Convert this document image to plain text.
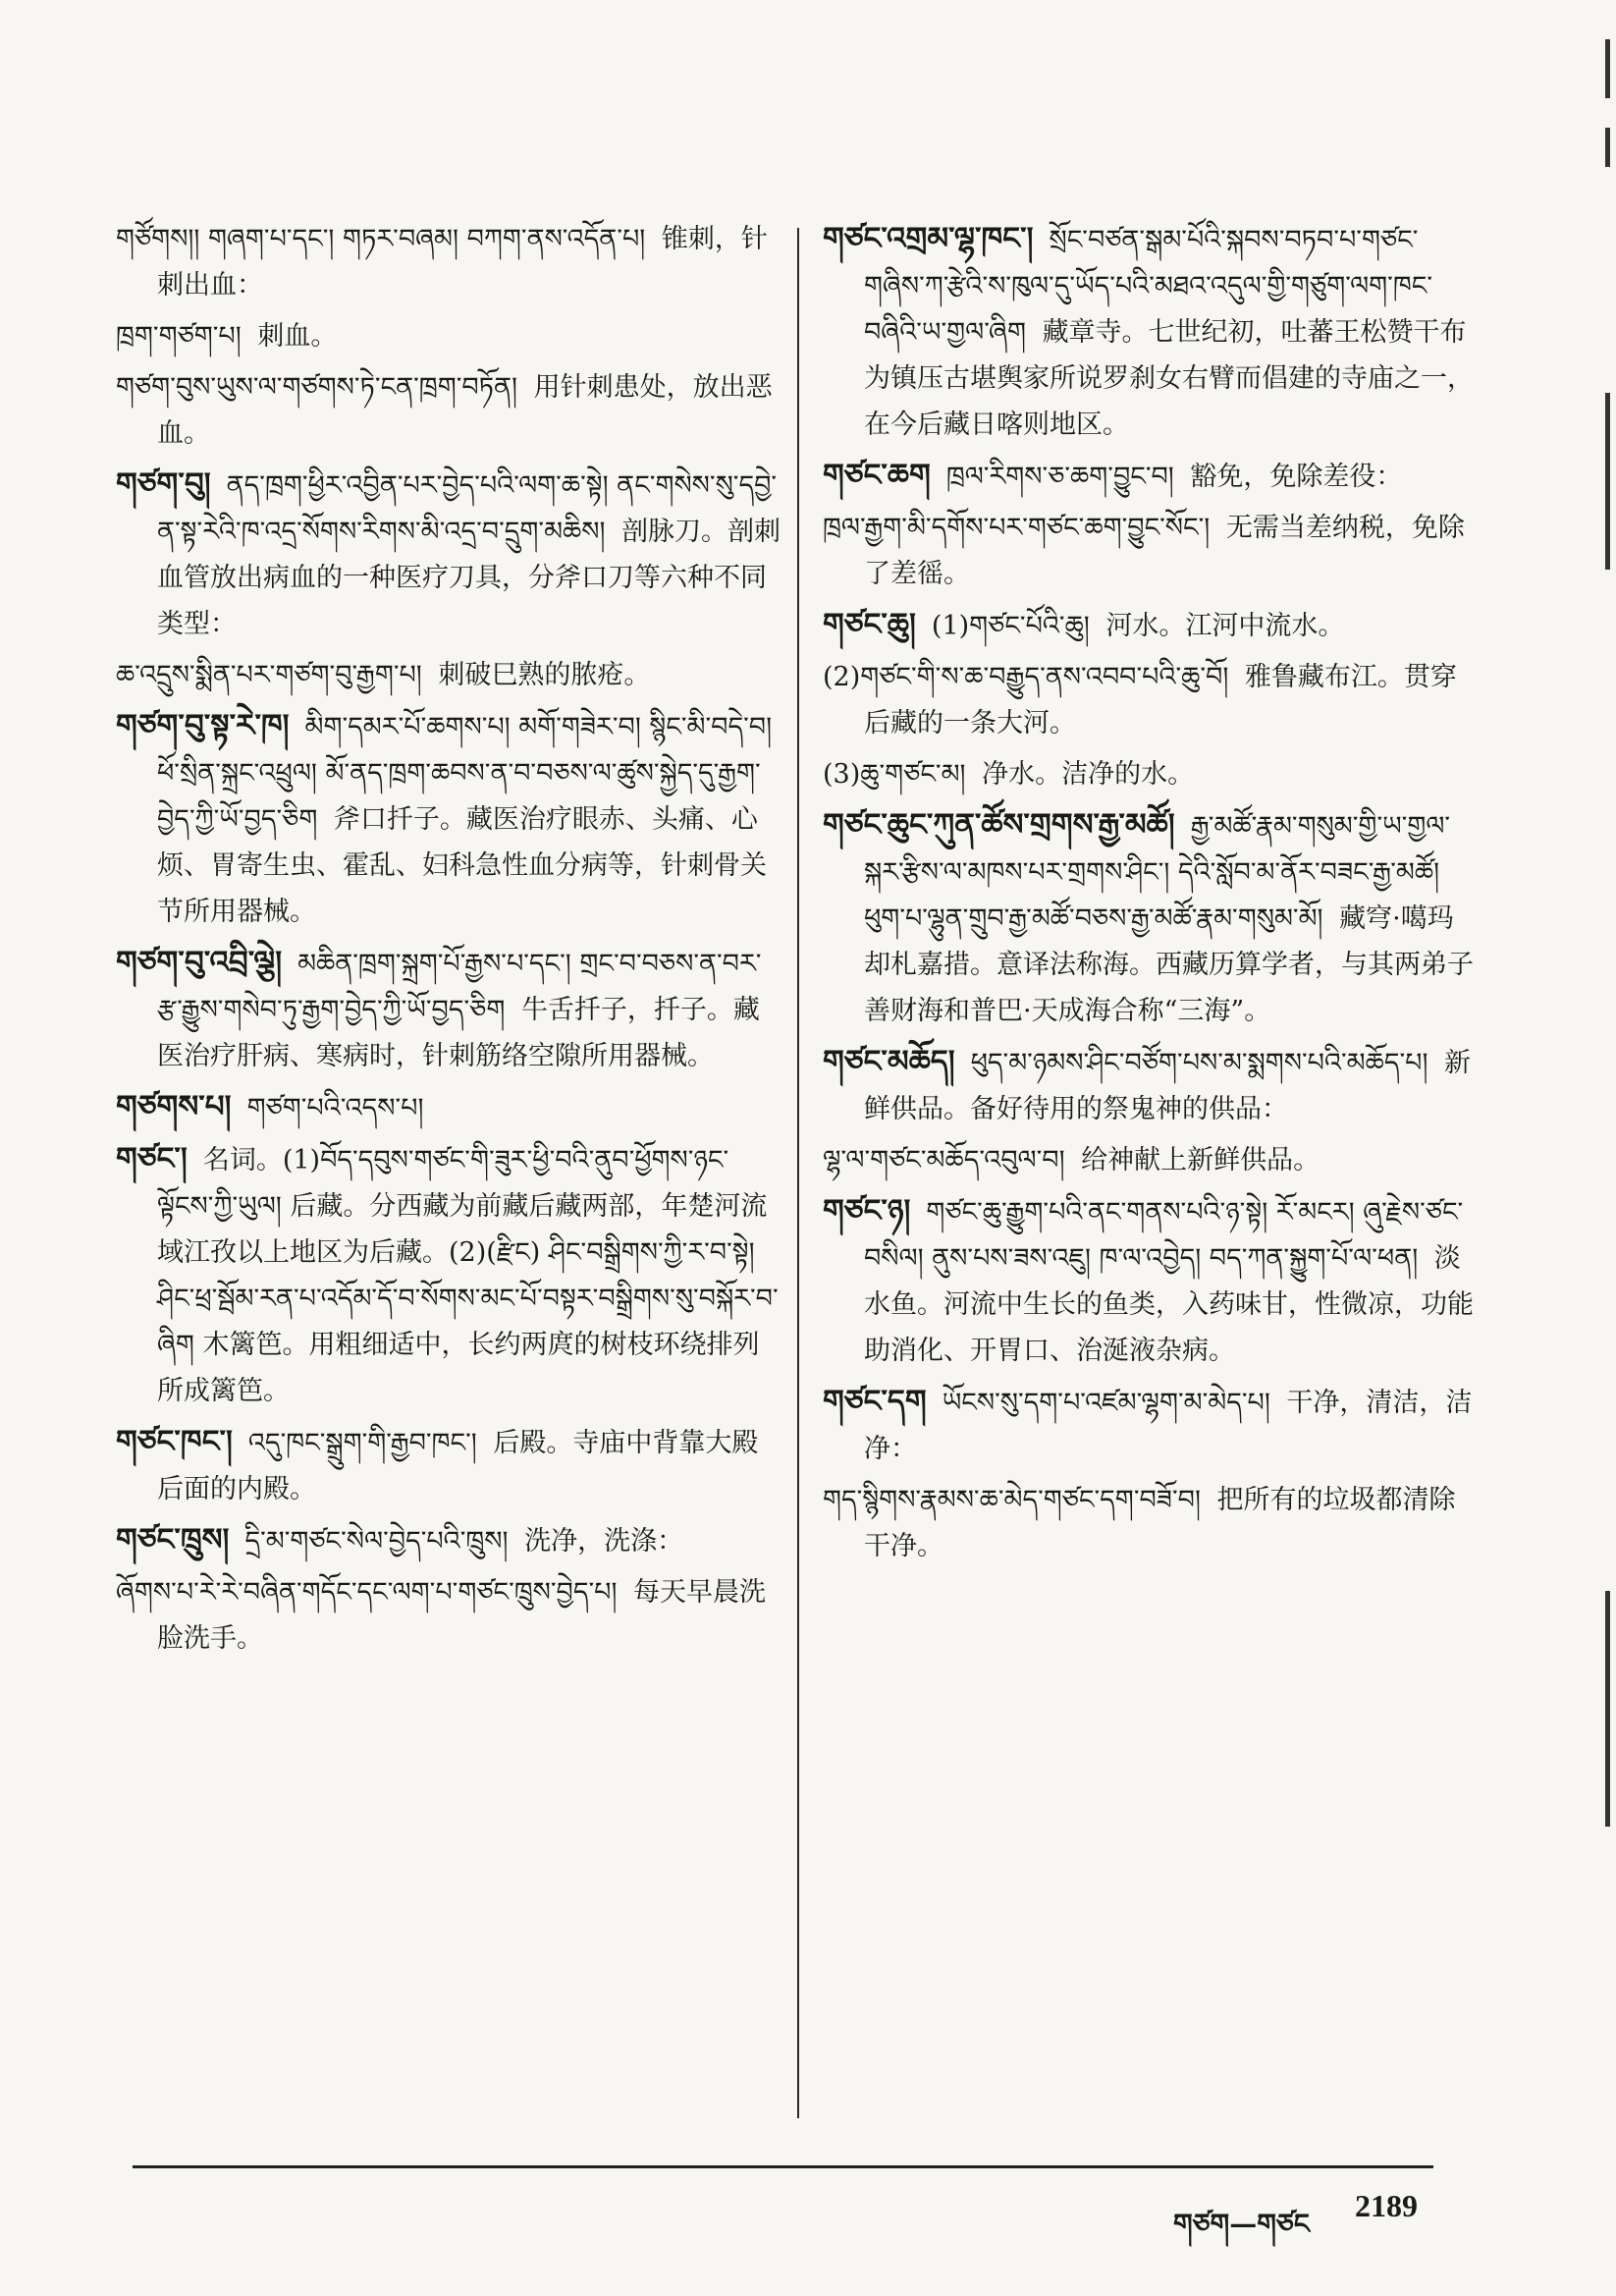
གཙོགས།། གཞག་པ་དང་། གཏར་བཞམ། བཀག་ནས་འདོན་པ། 锥刺，针刺出血：

ཁྲག་གཙག་པ། 刺血。

གཙག་བུས་ཡུས་ལ་གཙགས་ཏེ་ངན་ཁྲག་བཏོན། 用针刺患处，放出恶血。

གཙག་བུ། ནད་ཁྲག་ཕྱིར་འབྱིན་པར་བྱེད་པའི་ལག་ཆ་སྟེ། ནང་གསེས་སུ་དབྱེ་ན་སྟ་རེའི་ཁ་འདྲ་སོགས་རིགས་མི་འདྲ་བ་དྲུག་མཆིས། 剖脉刀。剖刺血管放出病血的一种医疗刀具，分斧口刀等六种不同类型：

ཆ་འདྲུས་སྨིན་པར་གཙག་བུ་རྒྱག་པ། 刺破巳熟的脓疮。

གཙག་བུ་སྟ་རེ་ཁ། མིག་དམར་པོ་ཆགས་པ། མགོ་གཟེར་བ། སྙིང་མི་བདེ་བ། ཕོ་སྲིན་སྐྲང་འཕྲུལ། མོ་ནད་ཁྲག་ཆབས་ན་བ་བཅས་ལ་ཚུས་སྐྱེད་དུ་རྒྱག་བྱེད་ཀྱི་ཡོ་བྱད་ཅིག 斧口扦子。藏医治疗眼赤、头痛、心烦、胃寄生虫、霍乱、妇科急性血分病等，针刺骨关节所用器械。

གཙག་བུ་འབྲི་ལྕེ། མཆིན་ཁྲག་སྐྲག་པོ་རྒྱས་པ་དང་། གྲང་བ་བཅས་ན་བར་རྩ་རྒྱུས་གསེབ་ཏུ་རྒྱག་བྱེད་ཀྱི་ཡོ་བྱད་ཅིག 牛舌扦子，扦子。藏医治疗肝病、寒病时，针刺筋络空隙所用器械。

གཙགས་པ། གཙག་པའི་འདས་པ།

གཙང་། 名词。(1)བོད་དབུས་གཙང་གི་ཟུར་ཕྱི་བའི་ནུབ་ཕྱོགས་ཉང་ལྟོངས་ཀྱི་ཡུལ། 后藏。分西藏为前藏后藏两部，年楚河流域江孜以上地区为后藏。(2)(རྫིང) ཤིང་བསྒྲིགས་ཀྱི་ར་བ་སྟེ། ཤིང་ཕྲ་སྦོམ་རན་པ་འདོམ་དོ་བ་སོགས་མང་པོ་བསྟར་བསྒྲིགས་སུ་བསྐོར་བ་ཞིག 木篱笆。用粗细适中，长约两庹的树枝环绕排列所成篱笆。

གཙང་ཁང་། འདུ་ཁང་སྒྲུག་གི་རྒྱབ་ཁང་། 后殿。寺庙中背靠大殿后面的内殿。

གཙང་ཁྲུས། དྲི་མ་གཙང་སེལ་བྱེད་པའི་ཁྲུས། 洗净，洗涤：

ཞོགས་པ་རེ་རེ་བཞིན་གདོང་དང་ལག་པ་གཙང་ཁྲུས་བྱེད་པ། 每天早晨洗脸洗手。

གཙང་འགྲམ་ལྷ་ཁང་། སྲོང་བཙན་སྒམ་པོའི་སྐབས་བཏབ་པ་གཙང་གཞིས་ཀ་རྩེའི་ས་ཁུལ་དུ་ཡོད་པའི་མཐའ་འདུལ་གྱི་གཙུག་ལག་ཁང་བཞིའི་ཡ་གྱལ་ཞིག 藏章寺。七世纪初，吐蕃王松赞干布为镇压古堪舆家所说罗刹女右臂而倡建的寺庙之一，在今后藏日喀则地区。

གཙང་ཆག ཁྲལ་རིགས་ཅ་ཆག་བྱུང་བ། 豁免，免除差役：

ཁྲལ་རྒྱག་མི་དགོས་པར་གཙང་ཆག་བྱུང་སོང་། 无需当差纳税，免除了差徭。

གཙང་ཆུ། (1)གཙང་པོའི་ཆུ། 河水。江河中流水。

(2)གཙང་གི་ས་ཆ་བརྒྱུད་ནས་འབབ་པའི་ཆུ་བོ། 雅鲁藏布江。贯穿后藏的一条大河。

(3)ཆུ་གཙང་མ། 净水。洁净的水。

གཙང་ཆུང་ཀུན་ཚོས་གྲགས་རྒྱ་མཚོ། རྒྱ་མཚོ་རྣམ་གསུམ་གྱི་ཡ་གྱལ་སྐར་རྩིས་ལ་མཁས་པར་གྲགས་ཤིང་། དེའི་སློབ་མ་ནོར་བཟང་རྒྱ་མཚོ། ཕུག་པ་ལྷུན་གྲུབ་རྒྱ་མཚོ་བཅས་རྒྱ་མཚོ་རྣམ་གསུམ་མོ། 藏穹·噶玛却札嘉措。意译法称海。西藏历算学者，与其两弟子善财海和普巴·天成海合称“三海”。

གཙང་མཆོད། ཕུད་མ་ཉམས་ཤིང་བཙོག་པས་མ་སྨགས་པའི་མཆོད་པ། 新鲜供品。备好待用的祭鬼神的供品：

ལྷ་ལ་གཙང་མཆོད་འབུལ་བ། 给神献上新鲜供品。

གཙང་ཉ། གཙང་ཆུ་རྒྱུག་པའི་ནང་གནས་པའི་ཉ་སྟེ། རོ་མངར། ཞུ་རྗེས་ཙང་བསིལ། ནུས་པས་ཟས་འཇུ། ཁ་ལ་འབྱེད། བད་ཀན་སྐྱུག་པོ་ལ་ཕན། 淡水鱼。河流中生长的鱼类，入药味甘，性微凉，功能助消化、开胃口、治涎液杂病。

གཙང་དག ཡོངས་སུ་དག་པ་འཛམ་ལྷག་མ་མེད་པ། 干净，清洁，洁净：

གད་སྙིགས་རྣམས་ཆ་མེད་གཙང་དག་བཟོ་བ། 把所有的垃圾都清除干净。

གཙག—གཙང
2189
